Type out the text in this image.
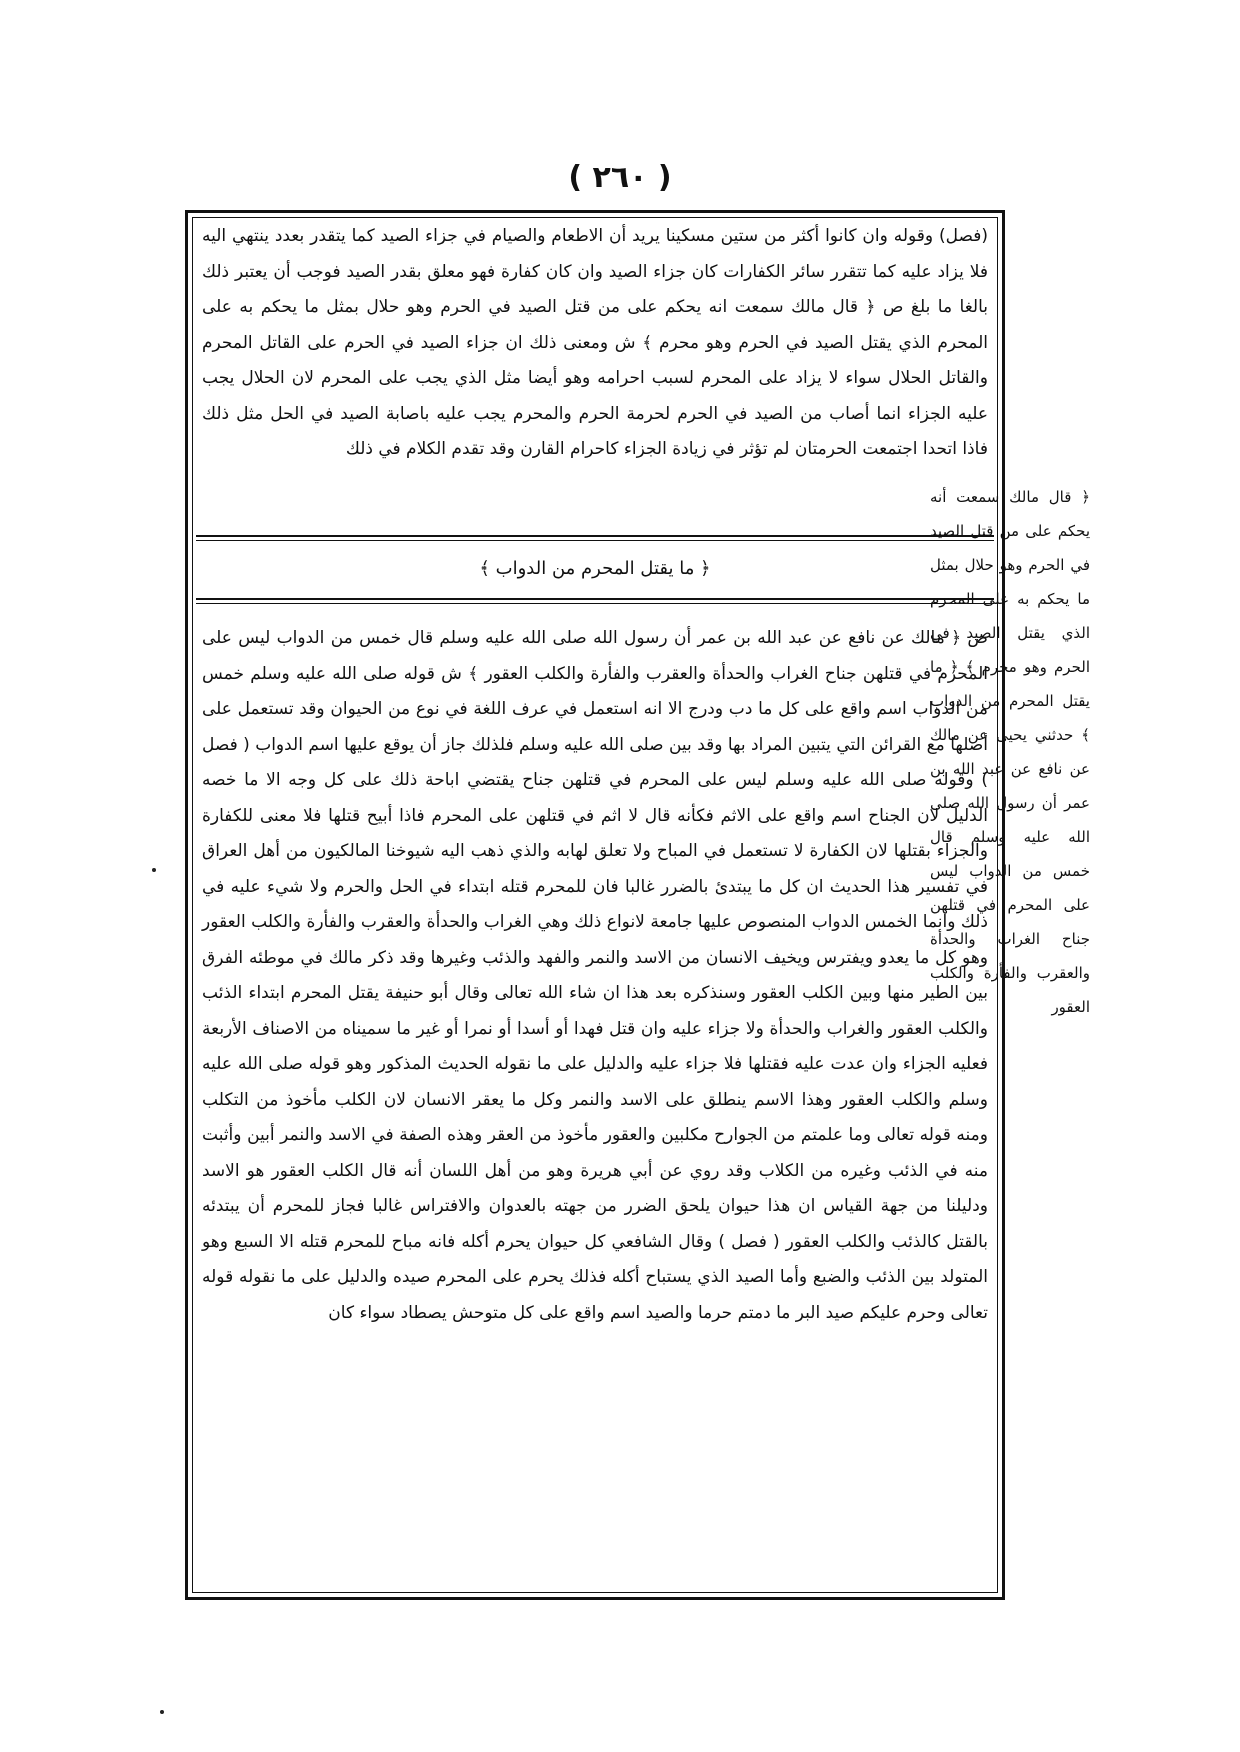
( ٢٦٠ )

(فصل) وقوله وان كانوا أكثر من ستين مسكينا يريد أن الاطعام والصيام في جزاء الصيد كما يتقدر بعدد ينتهي اليه فلا يزاد عليه كما تتقرر سائر الكفارات كان جزاء الصيد وان كان كفارة فهو معلق بقدر الصيد فوجب أن يعتبر ذلك بالغا ما بلغ ص ﴿ قال مالك سمعت انه يحكم على من قتل الصيد في الحرم وهو حلال بمثل ما يحكم به على المحرم الذي يقتل الصيد في الحرم وهو محرم ﴾ ش ومعنى ذلك ان جزاء الصيد في الحرم على القاتل المحرم والقاتل الحلال سواء لا يزاد على المحرم لسبب احرامه وهو أيضا مثل الذي يجب على المحرم لان الحلال يجب عليه الجزاء انما أصاب من الصيد في الحرم لحرمة الحرم والمحرم يجب عليه باصابة الصيد في الحل مثل ذلك فاذا اتحدا اجتمعت الحرمتان لم تؤثر في زيادة الجزاء كاحرام القارن وقد تقدم الكلام في ذلك

﴿ ما يقتل المحرم من الدواب ﴾

ص ﴿ مالك عن نافع عن عبد الله بن عمر أن رسول الله صلى الله عليه وسلم قال خمس من الدواب ليس على المحرم في قتلهن جناح الغراب والحدأة والعقرب والفأرة والكلب العقور ﴾ ش قوله صلى الله عليه وسلم خمس من الدواب اسم واقع على كل ما دب ودرج الا انه استعمل في عرف اللغة في نوع من الحيوان وقد تستعمل على أصلها مع القرائن التي يتبين المراد بها وقد بين صلى الله عليه وسلم فلذلك جاز أن يوقع عليها اسم الدواب ( فصل ) وقوله صلى الله عليه وسلم ليس على المحرم في قتلهن جناح يقتضي اباحة ذلك على كل وجه الا ما خصه الدليل لان الجناح اسم واقع على الاثم فكأنه قال لا اثم في قتلهن على المحرم فاذا أبيح قتلها فلا معنى للكفارة والجزاء بقتلها لان الكفارة لا تستعمل في المباح ولا تعلق لهابه والذي ذهب اليه شيوخنا المالكيون من أهل العراق في تفسير هذا الحديث ان كل ما يبتدئ بالضرر غالبا فان للمحرم قتله ابتداء في الحل والحرم ولا شيء عليه في ذلك وانما الخمس الدواب المنصوص عليها جامعة لانواع ذلك وهي الغراب والحدأة والعقرب والفأرة والكلب العقور وهو كل ما يعدو ويفترس ويخيف الانسان من الاسد والنمر والفهد والذئب وغيرها وقد ذكر مالك في موطئه الفرق بين الطير منها وبين الكلب العقور وسنذكره بعد هذا ان شاء الله تعالى وقال أبو حنيفة يقتل المحرم ابتداء الذئب والكلب العقور والغراب والحدأة ولا جزاء عليه وان قتل فهدا أو أسدا أو نمرا أو غير ما سميناه من الاصناف الأربعة فعليه الجزاء وان عدت عليه فقتلها فلا جزاء عليه والدليل على ما نقوله الحديث المذكور وهو قوله صلى الله عليه وسلم والكلب العقور وهذا الاسم ينطلق على الاسد والنمر وكل ما يعقر الانسان لان الكلب مأخوذ من التكلب ومنه قوله تعالى وما علمتم من الجوارح مكلبين والعقور مأخوذ من العقر وهذه الصفة في الاسد والنمر أبين وأثبت منه في الذئب وغيره من الكلاب وقد روي عن أبي هريرة وهو من أهل اللسان أنه قال الكلب العقور هو الاسد ودليلنا من جهة القياس ان هذا حيوان يلحق الضرر من جهته بالعدوان والافتراس غالبا فجاز للمحرم أن يبتدئه بالقتل كالذئب والكلب العقور ( فصل ) وقال الشافعي كل حيوان يحرم أكله فانه مباح للمحرم قتله الا السبع وهو المتولد بين الذئب والضبع وأما الصيد الذي يستباح أكله فذلك يحرم على المحرم صيده والدليل على ما نقوله قوله تعالى وحرم عليكم صيد البر ما دمتم حرما والصيد اسم واقع على كل متوحش يصطاد سواء كان

﴿ قال مالك سمعت أنه يحكم على من قتل الصيد في الحرم وهو حلال بمثل ما يحكم به على المحرم الذي يقتل الصيد في الحرم وهو محرم ﴾ ﴿ ما يقتل المحرم من الدواب ﴾ حدثني يحيى عن مالك عن نافع عن عبد الله بن عمر أن رسول الله صلى الله عليه وسلم قال خمس من الدواب ليس على المحرم في قتلهن جناح الغراب والحدأة والعقرب والفأرة والكلب العقور
